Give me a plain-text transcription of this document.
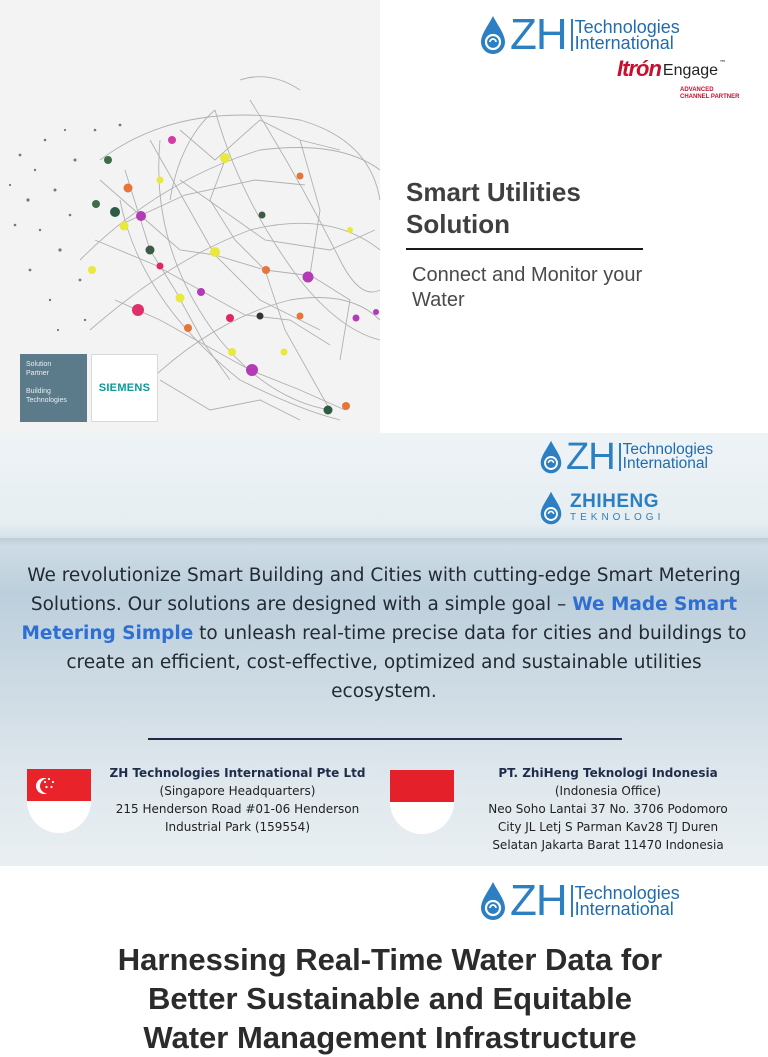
Solution
Partner
Building
Technologies
SIEMENS
ZH Technologies
International
Itrón Engage ™
ADVANCED
CHANNEL PARTNER
Smart Utilities Solution
Connect and Monitor your Water
ZH Technologies
International
ZHIHENG
TEKNOLOGI
We revolutionize Smart Building and Cities with cutting-edge Smart Metering Solutions. Our solutions are designed with a simple goal – We Made Smart Metering Simple to unleash real-time precise data for cities and buildings to create an efficient, cost-effective, optimized and sustainable utilities ecosystem.
ZH Technologies International Pte Ltd
(Singapore Headquarters)
215 Henderson Road #01-06 Henderson
Industrial Park (159554)
PT. ZhiHeng Teknologi Indonesia
(Indonesia Office)
Neo Soho Lantai 37 No. 3706 Podomoro
City JL Letj S Parman Kav28 TJ Duren
Selatan Jakarta Barat 11470 Indonesia
ZH Technologies
International
Harnessing Real-Time Water Data for
Better Sustainable and Equitable
Water Management Infrastructure
